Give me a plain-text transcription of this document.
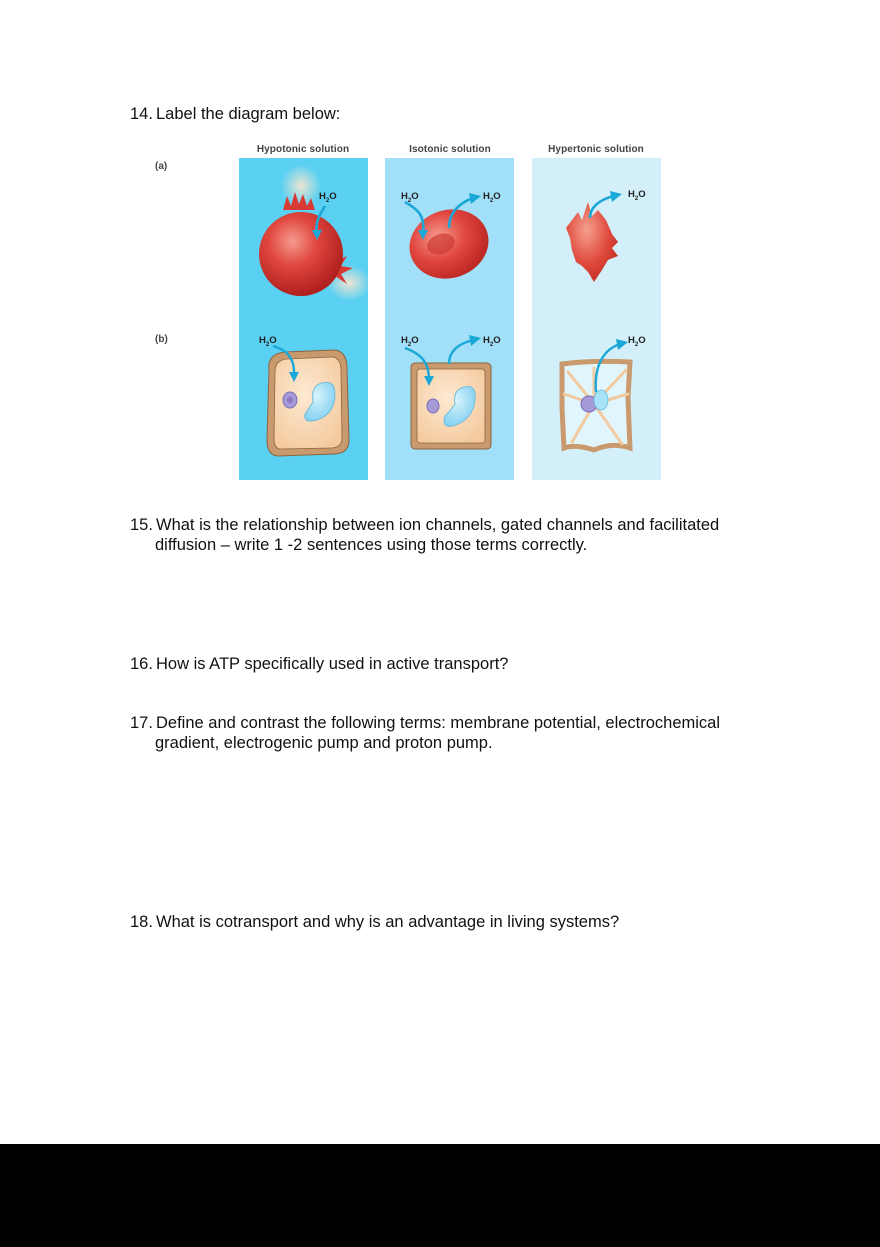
14. Label the diagram below:
Hypotonic solution	Isotonic solution	Hypertonic solution
(a)
(b)
$H_2O$
$H_2O$
$H_2O$	$H_2O$
$H_2O$	$H_2O$
$H_2O$
$H_2O$
15. What is the relationship between ion channels, gated channels and facilitated
diffusion – write 1 -2 sentences using those terms correctly.
16. How is ATP specifically used in active transport?
17. Define and contrast the following terms: membrane potential, electrochemical
gradient, electrogenic pump and proton pump.
18. What is cotransport and why is an advantage in living systems?
